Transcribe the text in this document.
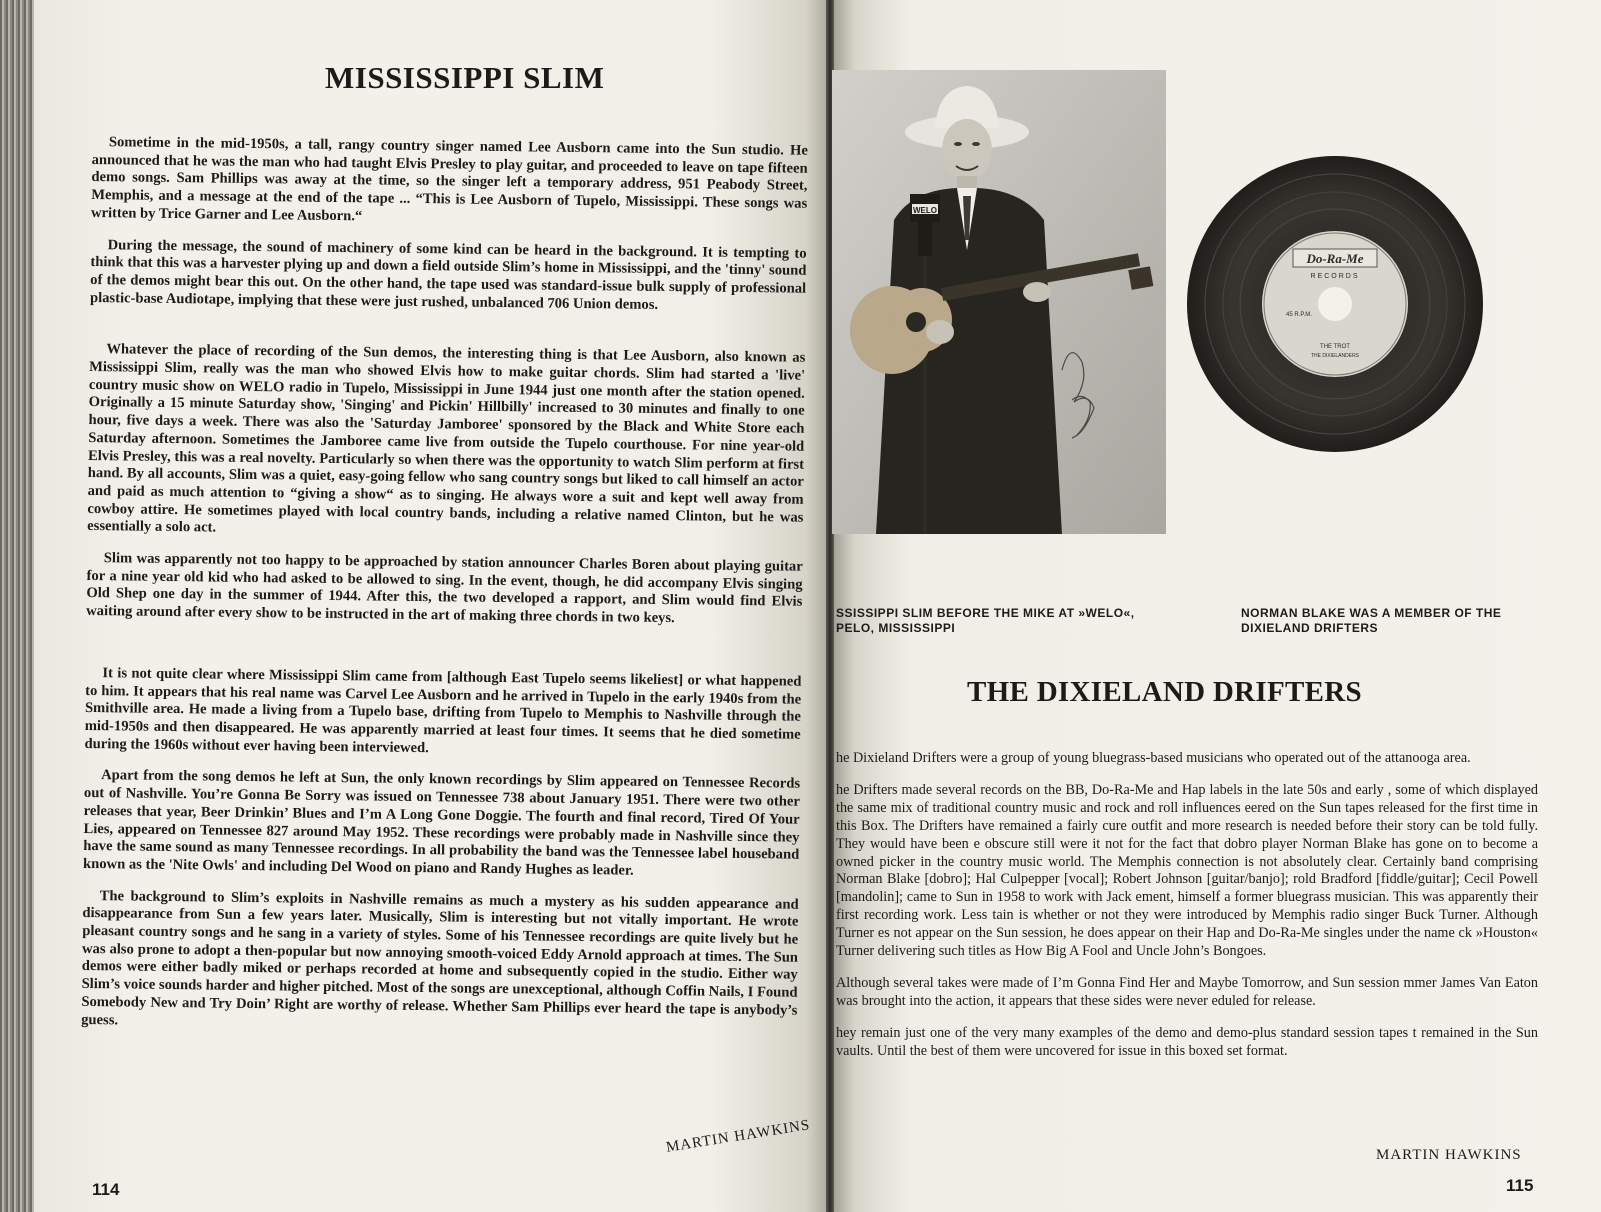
MISSISSIPPI SLIM

Sometime in the mid-1950s, a tall, rangy country singer named Lee Ausborn came into the Sun studio. He announced that he was the man who had taught Elvis Presley to play guitar, and proceeded to leave on tape fifteen demo songs. Sam Phillips was away at the time, so the singer left a temporary address, 951 Peabody Street, Memphis, and a message at the end of the tape ... “This is Lee Ausborn of Tupelo, Mississippi. These songs was written by Trice Garner and Lee Ausborn.“

During the message, the sound of machinery of some kind can be heard in the background. It is tempting to think that this was a harvester plying up and down a field outside Slim’s home in Mississippi, and the 'tinny' sound of the demos might bear this out. On the other hand, the tape used was standard-issue bulk supply of professional plastic-base Audiotape, implying that these were just rushed, unbalanced 706 Union demos.

Whatever the place of recording of the Sun demos, the interesting thing is that Lee Ausborn, also known as Mississippi Slim, really was the man who showed Elvis how to make guitar chords. Slim had started a 'live' country music show on WELO radio in Tupelo, Mississippi in June 1944 just one month after the station opened. Originally a 15 minute Saturday show, 'Singing' and Pickin' Hillbilly' increased to 30 minutes and finally to one hour, five days a week. There was also the 'Saturday Jamboree' sponsored by the Black and White Store each Saturday afternoon. Sometimes the Jamboree came live from outside the Tupelo courthouse. For nine year-old Elvis Presley, this was a real novelty. Particularly so when there was the opportunity to watch Slim perform at first hand. By all accounts, Slim was a quiet, easy-going fellow who sang country songs but liked to call himself an actor and paid as much attention to “giving a show“ as to singing. He always wore a suit and kept well away from cowboy attire. He sometimes played with local country bands, including a relative named Clinton, but he was essentially a solo act.

Slim was apparently not too happy to be approached by station announcer Charles Boren about playing guitar for a nine year old kid who had asked to be allowed to sing. In the event, though, he did accompany Elvis singing Old Shep one day in the summer of 1944. After this, the two developed a rapport, and Slim would find Elvis waiting around after every show to be instructed in the art of making three chords in two keys.

It is not quite clear where Mississippi Slim came from [although East Tupelo seems likeliest] or what happened to him. It appears that his real name was Carvel Lee Ausborn and he arrived in Tupelo in the early 1940s from the Smithville area. He made a living from a Tupelo base, drifting from Tupelo to Memphis to Nashville through the mid-1950s and then disappeared. He was apparently married at least four times. It seems that he died sometime during the 1960s without ever having been interviewed.

Apart from the song demos he left at Sun, the only known recordings by Slim appeared on Tennessee Records out of Nashville. You’re Gonna Be Sorry was issued on Tennessee 738 about January 1951. There were two other releases that year, Beer Drinkin’ Blues and I’m A Long Gone Doggie. The fourth and final record, Tired Of Your Lies, appeared on Tennessee 827 around May 1952. These recordings were probably made in Nashville since they have the same sound as many Tennessee recordings. In all probability the band was the Tennessee label houseband known as the 'Nite Owls' and including Del Wood on piano and Randy Hughes as leader.

The background to Slim’s exploits in Nashville remains as much a mystery as his sudden appearance and disappearance from Sun a few years later. Musically, Slim is interesting but not vitally important. He wrote pleasant country songs and he sang in a variety of styles. Some of his Tennessee recordings are quite lively but he was also prone to adopt a then-popular but now annoying smooth-voiced Eddy Arnold approach at times. The Sun demos were either badly miked or perhaps recorded at home and subsequently copied in the studio. Either way Slim’s voice sounds harder and higher pitched. Most of the songs are unexceptional, although Coffin Nails, I Found Somebody New and Try Doin’ Right are worthy of release. Whether Sam Phillips ever heard the tape is anybody’s guess.

MARTIN HAWKINS
114
WELO
Do-Ra-Me
RECORDS
45 R.P.M.
THE TROT
THE DIXIELANDERS

SSISSIPPI SLIM BEFORE THE MIKE AT »WELO«, PELO, MISSISSIPPI

NORMAN BLAKE WAS A MEMBER OF THE DIXIELAND DRIFTERS

THE DIXIELAND DRIFTERS

he Dixieland Drifters were a group of young bluegrass-based musicians who operated out of the attanooga area.

he Drifters made several records on the BB, Do-Ra-Me and Hap labels in the late 50s and early , some of which displayed the same mix of traditional country music and rock and roll influences eered on the Sun tapes released for the first time in this Box. The Drifters have remained a fairly cure outfit and more research is needed before their story can be told fully. They would have been e obscure still were it not for the fact that dobro player Norman Blake has gone on to become a owned picker in the country music world. The Memphis connection is not absolutely clear. Certainly band comprising Norman Blake [dobro]; Hal Culpepper [vocal]; Robert Johnson [guitar/banjo]; rold Bradford [fiddle/guitar]; Cecil Powell [mandolin]; came to Sun in 1958 to work with Jack ement, himself a former bluegrass musician. This was apparently their first recording work. Less tain is whether or not they were introduced by Memphis radio singer Buck Turner. Although Turner es not appear on the Sun session, he does appear on their Hap and Do-Ra-Me singles under the name ck »Houston« Turner delivering such titles as How Big A Fool and Uncle John’s Bongoes.

Although several takes were made of I’m Gonna Find Her and Maybe Tomorrow, and Sun session mmer James Van Eaton was brought into the action, it appears that these sides were never eduled for release.

hey remain just one of the very many examples of the demo and demo-plus standard session tapes t remained in the Sun vaults. Until the best of them were uncovered for issue in this boxed set format.

MARTIN HAWKINS
115
